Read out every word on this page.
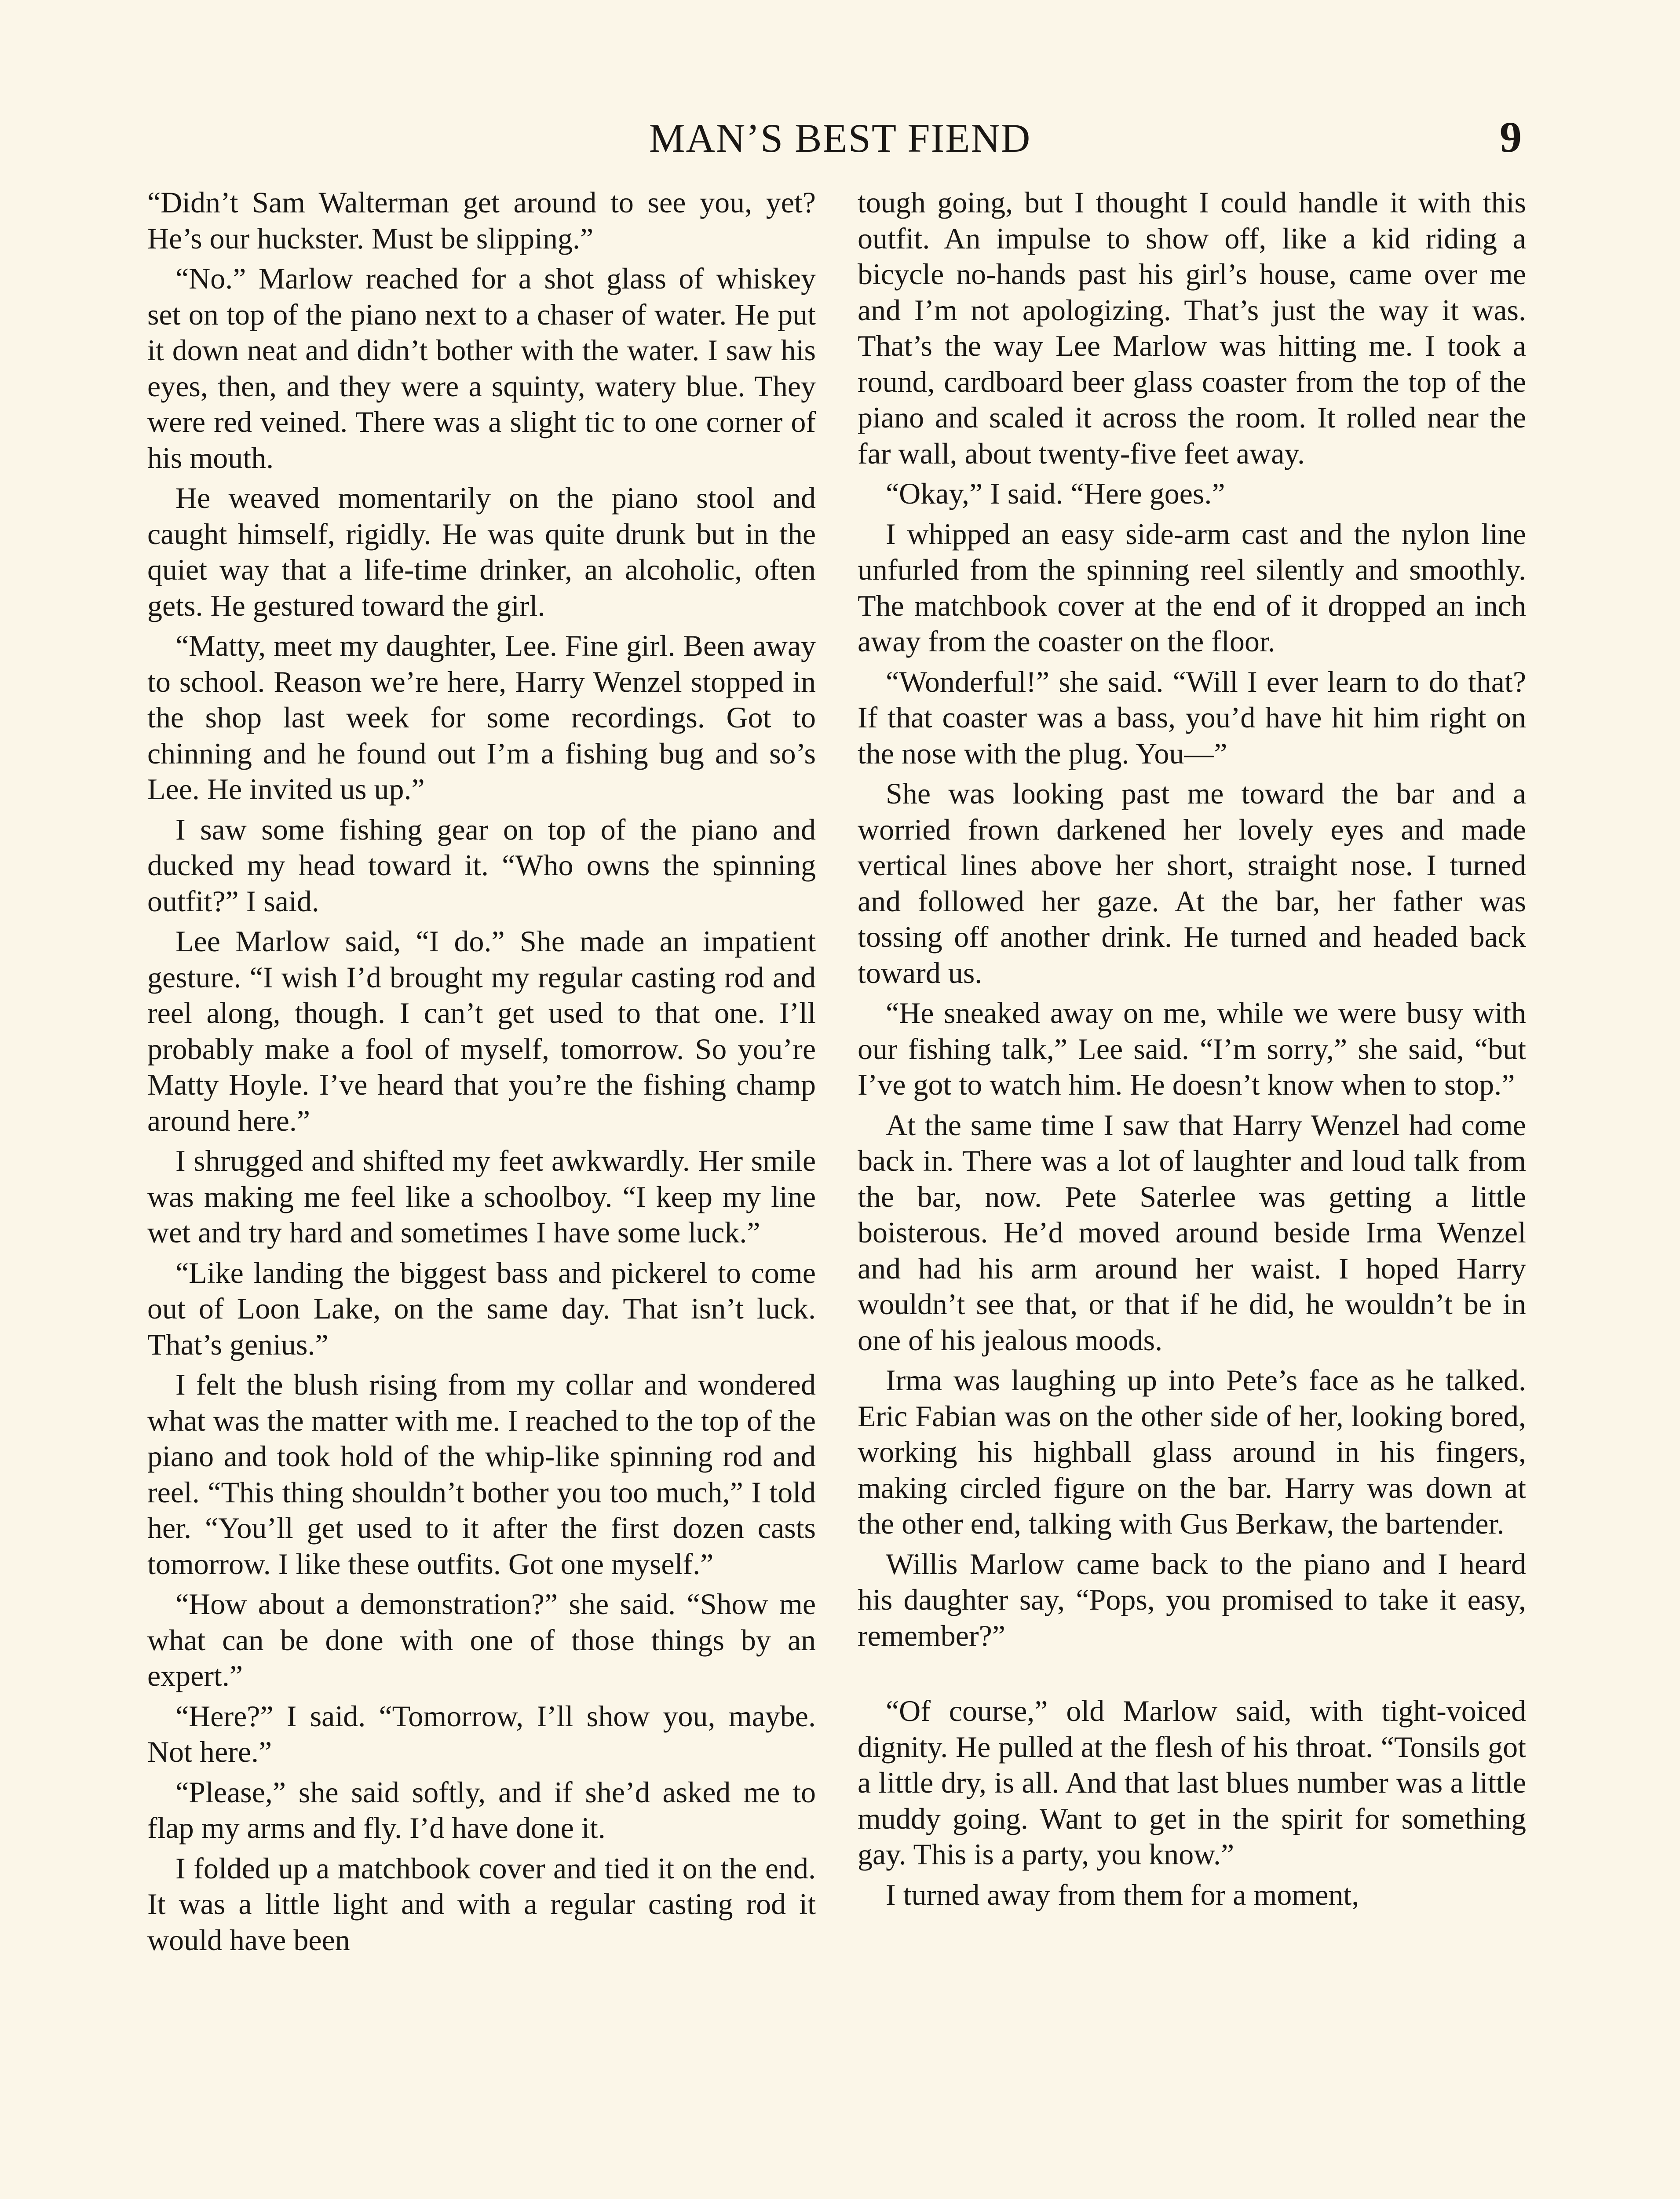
MAN’S BEST FIEND	9

“Didn’t Sam Walterman get around to see you, yet? He’s our huckster. Must be slipping.”

“No.” Marlow reached for a shot glass of whiskey set on top of the piano next to a chaser of water. He put it down neat and didn’t bother with the water. I saw his eyes, then, and they were a squinty, watery blue. They were red veined. There was a slight tic to one corner of his mouth.

He weaved momentarily on the piano stool and caught himself, rigidly. He was quite drunk but in the quiet way that a life-time drinker, an alcoholic, often gets. He gestured toward the girl.

“Matty, meet my daughter, Lee. Fine girl. Been away to school. Reason we’re here, Harry Wenzel stopped in the shop last week for some recordings. Got to chinning and he found out I’m a fishing bug and so’s Lee. He invited us up.”

I saw some fishing gear on top of the piano and ducked my head toward it. “Who owns the spinning outfit?” I said.

Lee Marlow said, “I do.” She made an impatient gesture. “I wish I’d brought my regular casting rod and reel along, though. I can’t get used to that one. I’ll probably make a fool of myself, tomorrow. So you’re Matty Hoyle. I’ve heard that you’re the fishing champ around here.”

I shrugged and shifted my feet awkwardly. Her smile was making me feel like a schoolboy. “I keep my line wet and try hard and sometimes I have some luck.”

“Like landing the biggest bass and pickerel to come out of Loon Lake, on the same day. That isn’t luck. That’s genius.”

I felt the blush rising from my collar and wondered what was the matter with me. I reached to the top of the piano and took hold of the whip-like spinning rod and reel. “This thing shouldn’t bother you too much,” I told her. “You’ll get used to it after the first dozen casts tomorrow. I like these outfits. Got one myself.”

“How about a demonstration?” she said. “Show me what can be done with one of those things by an expert.”

“Here?” I said. “Tomorrow, I’ll show you, maybe. Not here.”

“Please,” she said softly, and if she’d asked me to flap my arms and fly. I’d have done it.

I folded up a matchbook cover and tied it on the end. It was a little light and with a regular casting rod it would have been

tough going, but I thought I could handle it with this outfit. An impulse to show off, like a kid riding a bicycle no-hands past his girl’s house, came over me and I’m not apologizing. That’s just the way it was. That’s the way Lee Marlow was hitting me. I took a round, cardboard beer glass coaster from the top of the piano and scaled it across the room. It rolled near the far wall, about twenty-five feet away.

“Okay,” I said. “Here goes.”

I whipped an easy side-arm cast and the nylon line unfurled from the spinning reel silently and smoothly. The matchbook cover at the end of it dropped an inch away from the coaster on the floor.

“Wonderful!” she said. “Will I ever learn to do that? If that coaster was a bass, you’d have hit him right on the nose with the plug. You—”

She was looking past me toward the bar and a worried frown darkened her lovely eyes and made vertical lines above her short, straight nose. I turned and followed her gaze. At the bar, her father was tossing off another drink. He turned and headed back toward us.

“He sneaked away on me, while we were busy with our fishing talk,” Lee said. “I’m sorry,” she said, “but I’ve got to watch him. He doesn’t know when to stop.”

At the same time I saw that Harry Wenzel had come back in. There was a lot of laughter and loud talk from the bar, now. Pete Saterlee was getting a little boisterous. He’d moved around beside Irma Wenzel and had his arm around her waist. I hoped Harry wouldn’t see that, or that if he did, he wouldn’t be in one of his jealous moods.

Irma was laughing up into Pete’s face as he talked. Eric Fabian was on the other side of her, looking bored, working his highball glass around in his fingers, making circled figure on the bar. Harry was down at the other end, talking with Gus Berkaw, the bartender.

Willis Marlow came back to the piano and I heard his daughter say, “Pops, you promised to take it easy, remember?”

“Of course,” old Marlow said, with tight-voiced dignity. He pulled at the flesh of his throat. “Tonsils got a little dry, is all. And that last blues number was a little muddy going. Want to get in the spirit for something gay. This is a party, you know.”

I turned away from them for a moment,
